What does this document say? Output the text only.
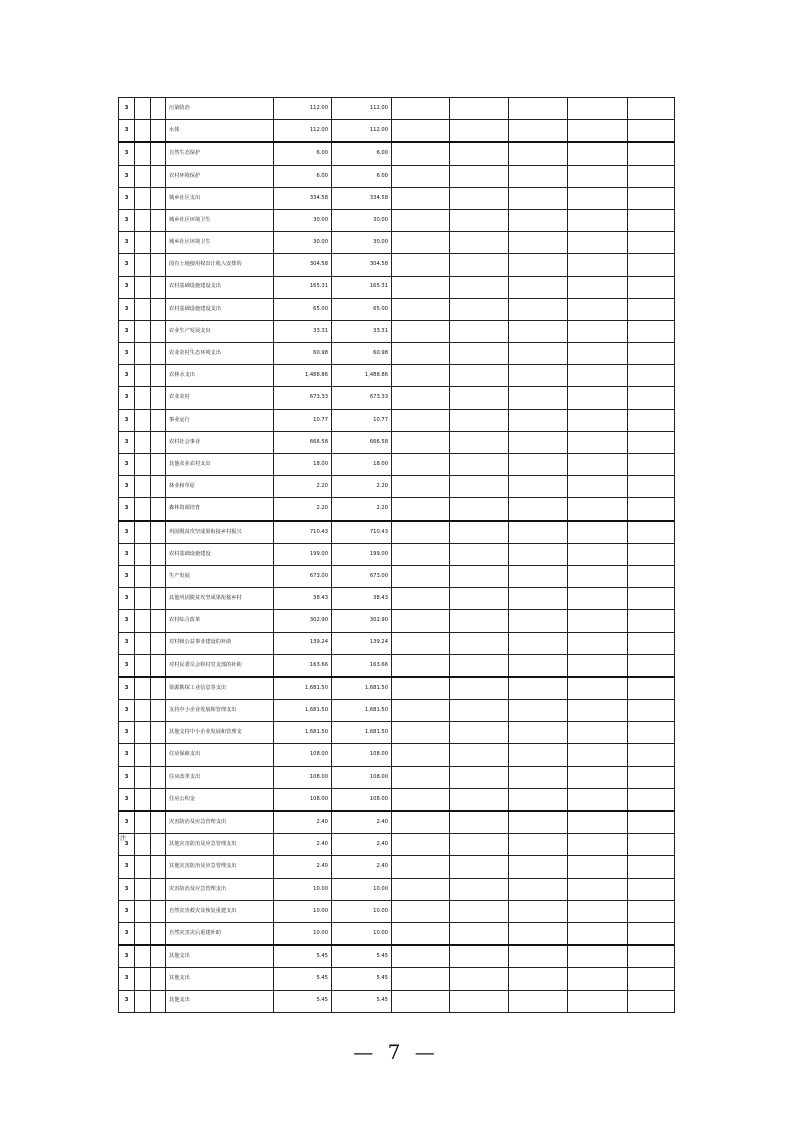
3			污染防治	112.00	112.00					
3			水体	112.00	112.00					
3			自然生态保护	6.00	6.00					
3			农村环境保护	6.00	6.00					
3			城乡社区支出	334.58	334.58					
3			城乡社区环境卫生	30.00	30.00					
3			城乡社区环境卫生	30.00	30.00					
3			国有土地使用权出让收入安排的	304.58	304.58					
3			农村基础设施建设支出	165.31	165.31					
3			农村基础设施建设支出	65.00	65.00					
3			农业生产发展支出	33.31	33.31					
3			农业农村生态环境支出	60.98	60.98					
3			农林水支出	1,488.86	1,488.86					
3			农业农村	673.33	673.33					
3			事业运行	10.77	10.77					
3			农村社会事业	666.58	666.58					
3			其他农业农村支出	18.00	18.00					
3			林业和草原	2.20	2.20					
3			森林资源培育	2.20	2.20					
3			巩固脱贫攻坚成果衔接乡村振兴	710.43	710.43					
3			农村基础设施建设	199.00	199.00					
3			生产发展	673.00	673.00					
3			其他巩固脱贫攻坚成果衔接乡村	38.43	38.43					
3			农村综合改革	302.90	302.90					
3			对村级公益事业建设的补助	139.24	139.24					
3			对村民委员会和村党支部的补助	163.66	163.66					
3			资源勘探工业信息等支出	1,681.50	1,681.50					
3			支持中小企业发展和管理支出	1,681.50	1,681.50					
3			其他支持中小企业发展和管理支	1,681.50	1,681.50					
3			住房保障支出	108.00	108.00					
3			住房改革支出	108.00	108.00					
3			住房公积金	108.00	108.00					
3			灾害防治及应急管理支出	2.40	2.40					
3			其他灾害防治及应急管理支出	2.40	2.40					
3			其他灾害防治及应急管理支出	2.40	2.40					
3			灾害防治及应急管理支出	10.00	10.00					
3			自然灾害救灾及恢复重建支出	10.00	10.00					
3			自然灾害灾后重建补助	10.00	10.00					
3			其他支出	5.45	5.45					
3			其他支出	5.45	5.45					
3			其他支出	5.45	5.45					
注
— 7 —
